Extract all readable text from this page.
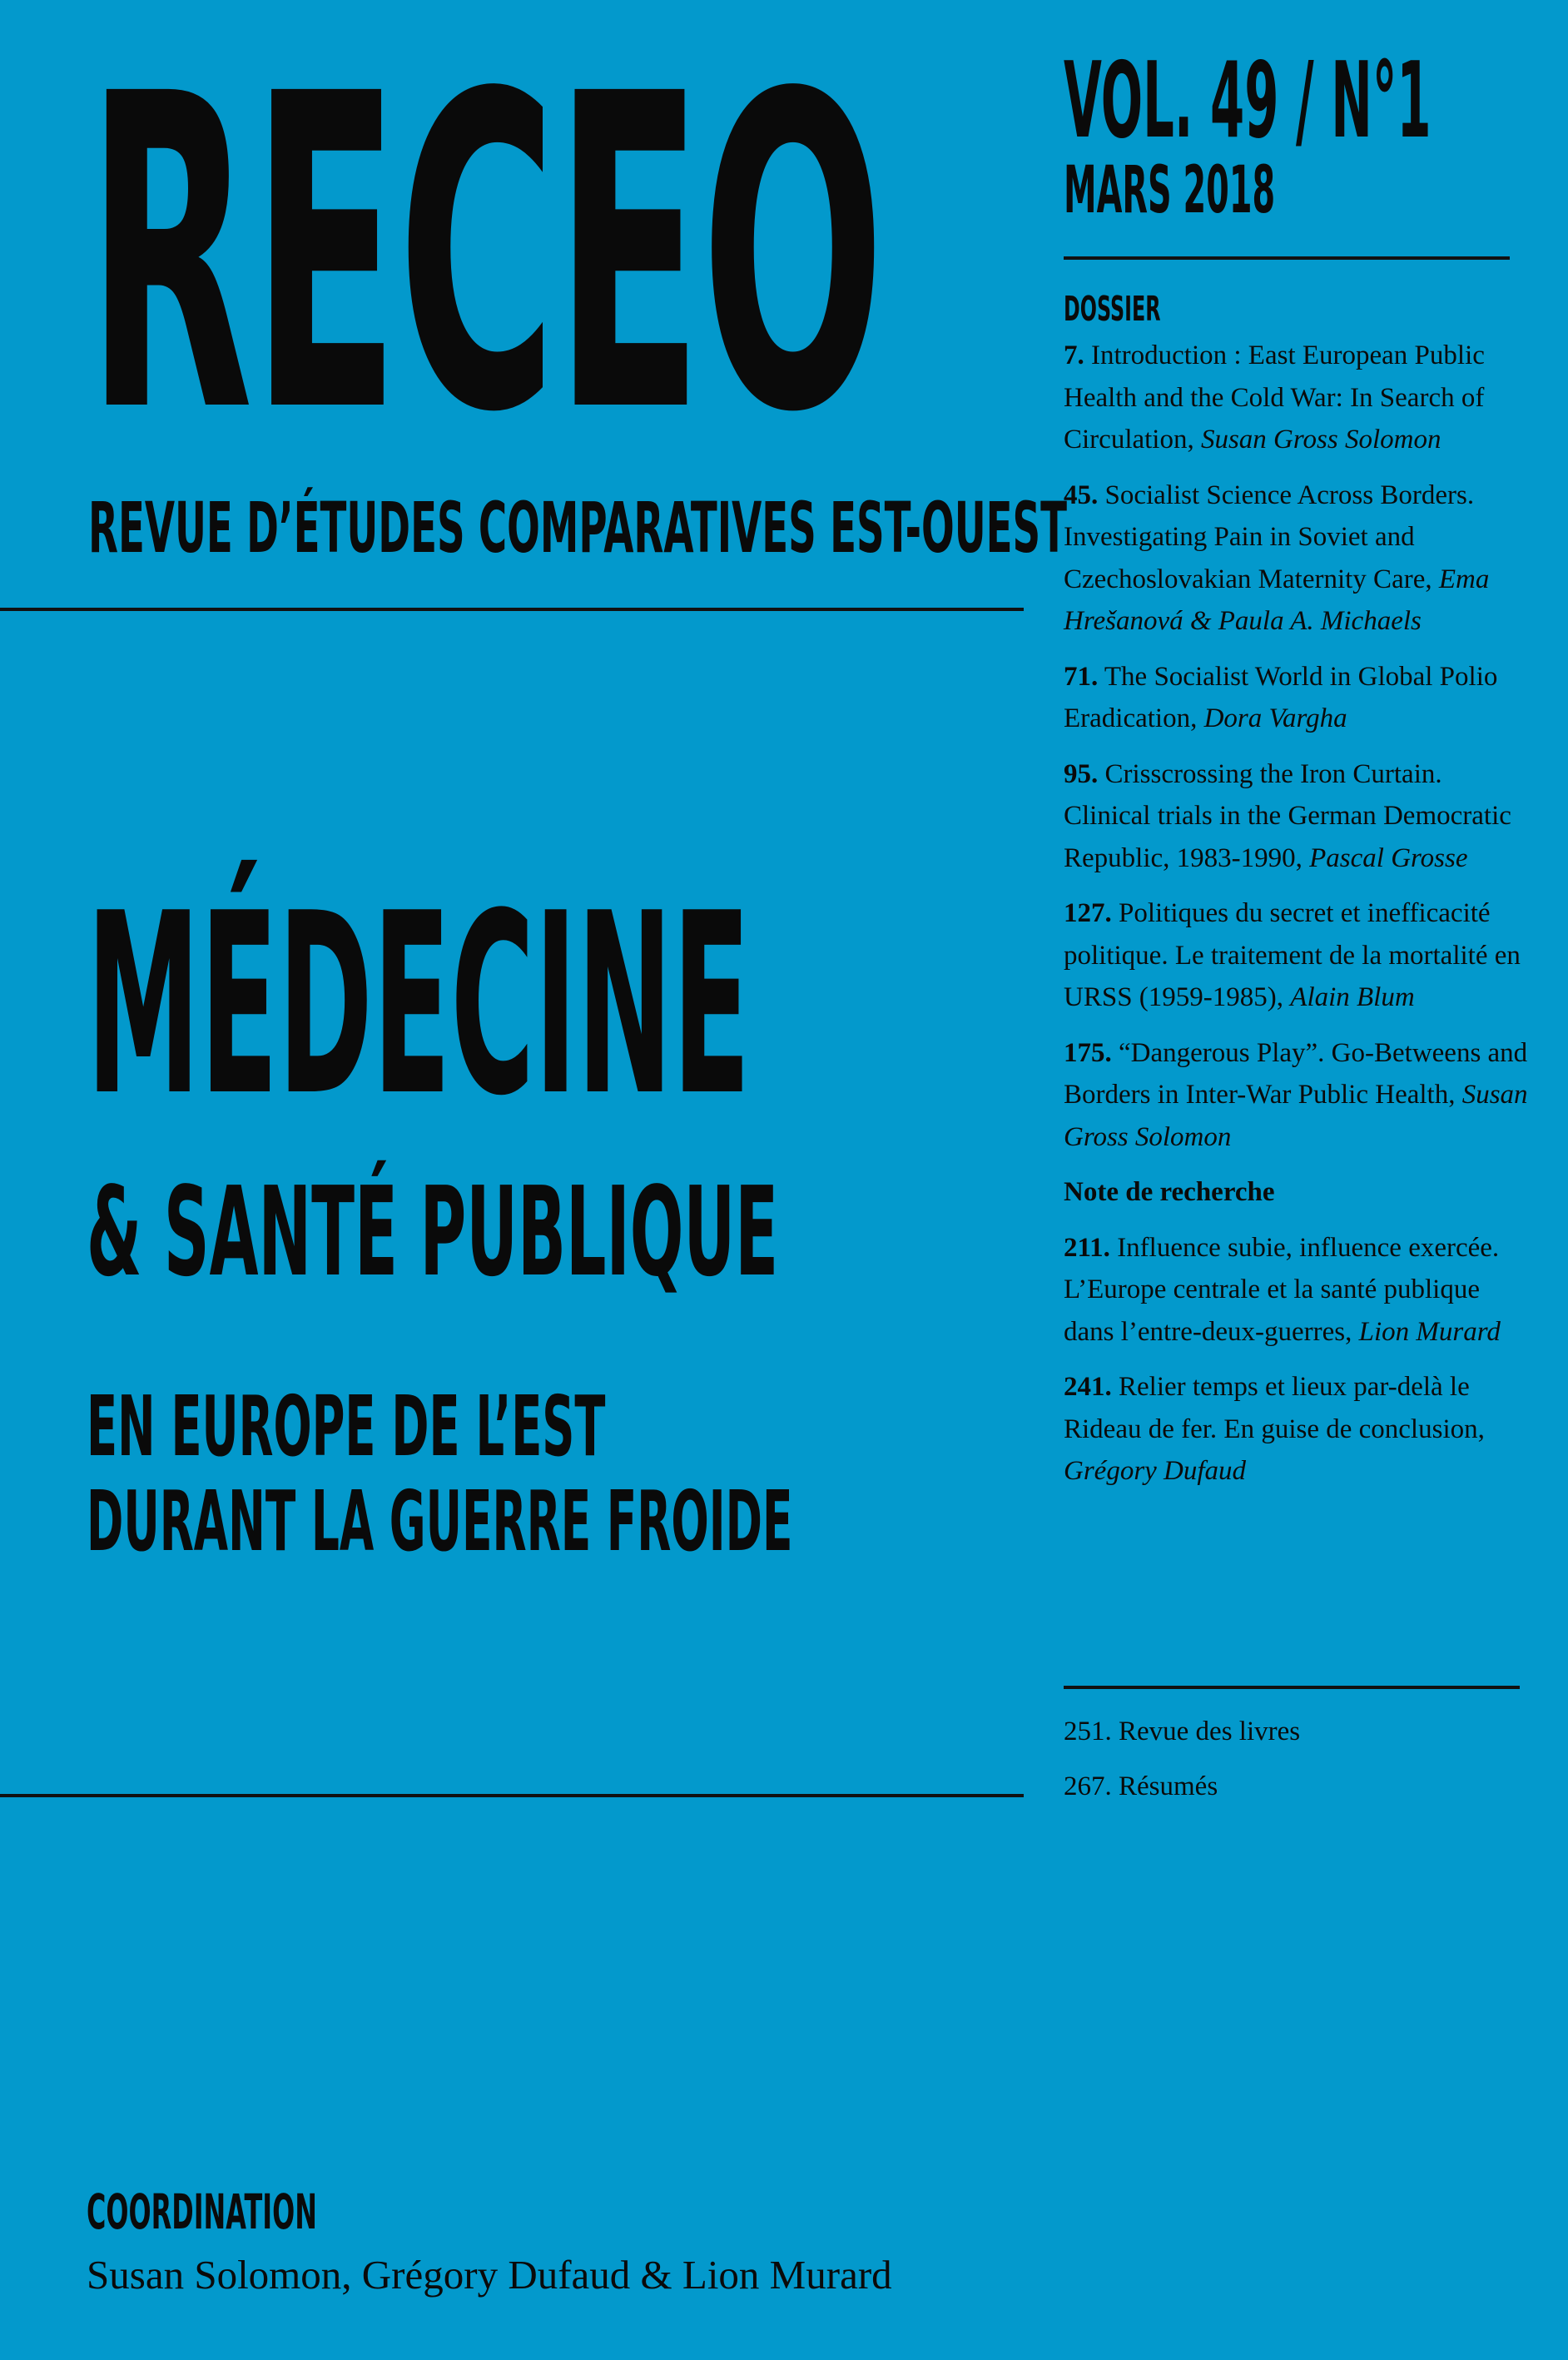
RECEO
REVUE D’ÉTUDES COMPARATIVES EST-OUEST
VOL. 49 / N°1
MARS 2018
MÉDECINE
& SANTÉ PUBLIQUE
EN EUROPE DE L’EST
DURANT LA GUERRE FROIDE
DOSSIER
7. Introduction : East European Public Health and the Cold War: In Search of Circulation, Susan Gross Solomon
45. Socialist Science Across Borders. Investigating Pain in Soviet and Czechoslovakian Maternity Care, Ema Hrešanová & Paula A. Michaels
71. The Socialist World in Global Polio Eradication, Dora Vargha
95. Crisscrossing the Iron Curtain. Clinical trials in the German Democratic Republic, 1983-1990, Pascal Grosse
127. Politiques du secret et inefficacité politique. Le traitement de la mortalité en URSS (1959-1985), Alain Blum
175. “Dangerous Play”. Go-Betweens and Borders in Inter-War Public Health, Susan Gross Solomon
Note de recherche
211. Influence subie, influence exercée. L’Europe centrale et la santé publique dans l’entre-deux-guerres, Lion Murard
241. Relier temps et lieux par-delà le Rideau de fer. En guise de conclusion, Grégory Dufaud
251. Revue des livres
267. Résumés
COORDINATION
Susan Solomon, Grégory Dufaud & Lion Murard
